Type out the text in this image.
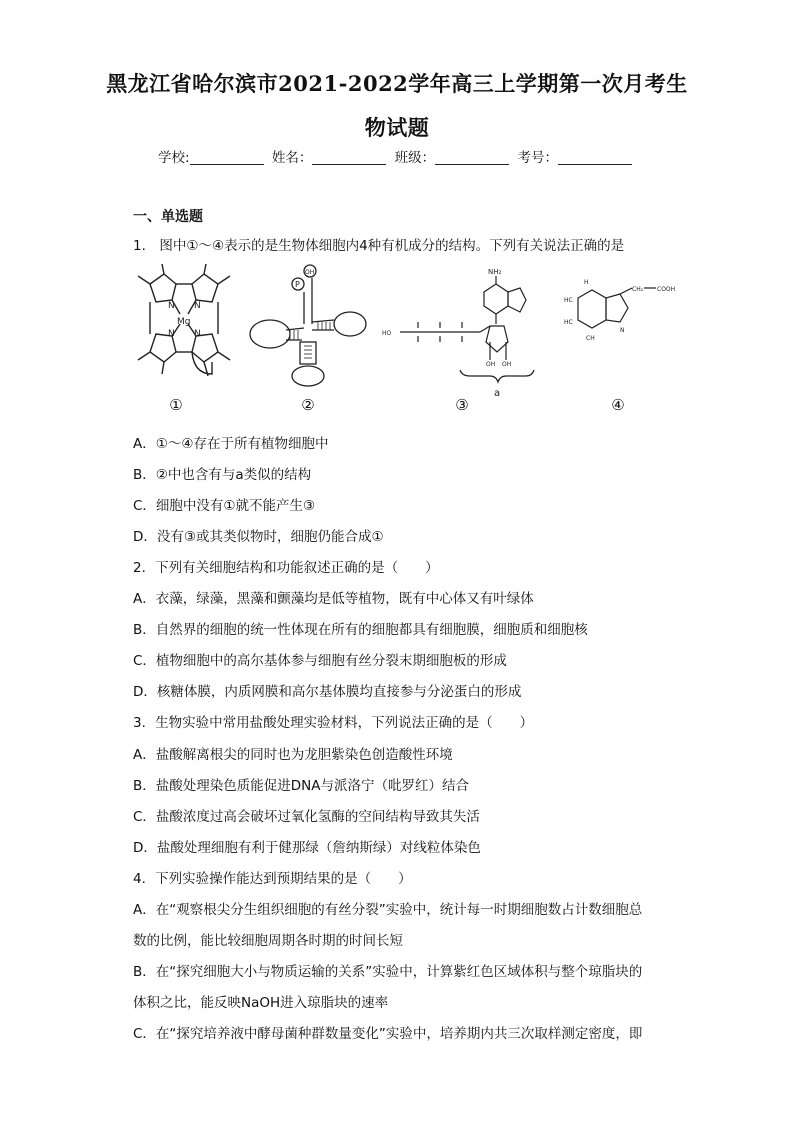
黑龙江省哈尔滨市2021-2022学年高三上学期第一次月考生
物试题
学校:	姓名：	班级：	考号：
一、单选题
1． 图中①～④表示的是生物体细胞内4种有机成分的结构。下列有关说法正确的是
N N
N N
Mg
OH
P
NH₂
HO
OH OH
a
H
HC
HC
CH
CH₂ COOH
N
①	②	③	④
A．①～④存在于所有植物细胞中
B．②中也含有与a类似的结构
C．细胞中没有①就不能产生③
D．没有③或其类似物时，细胞仍能合成①
2．下列有关细胞结构和功能叙述正确的是（　　）
A．衣藻，绿藻，黑藻和颤藻均是低等植物，既有中心体又有叶绿体
B．自然界的细胞的统一性体现在所有的细胞都具有细胞膜，细胞质和细胞核
C．植物细胞中的高尔基体参与细胞有丝分裂末期细胞板的形成
D．核糖体膜，内质网膜和高尔基体膜均直接参与分泌蛋白的形成
3．生物实验中常用盐酸处理实验材料，下列说法正确的是（　　）
A．盐酸解离根尖的同时也为龙胆紫染色创造酸性环境
B．盐酸处理染色质能促进DNA与派洛宁（吡罗红）结合
C．盐酸浓度过高会破坏过氧化氢酶的空间结构导致其失活
D．盐酸处理细胞有利于健那绿（詹纳斯绿）对线粒体染色
4．下列实验操作能达到预期结果的是（　　）
A．在“观察根尖分生组织细胞的有丝分裂”实验中，统计每一时期细胞数占计数细胞总
数的比例，能比较细胞周期各时期的时间长短
B．在“探究细胞大小与物质运输的关系”实验中，计算紫红色区域体积与整个琼脂块的
体积之比，能反映NaOH进入琼脂块的速率
C．在“探究培养液中酵母菌种群数量变化”实验中，培养期内共三次取样测定密度，即
